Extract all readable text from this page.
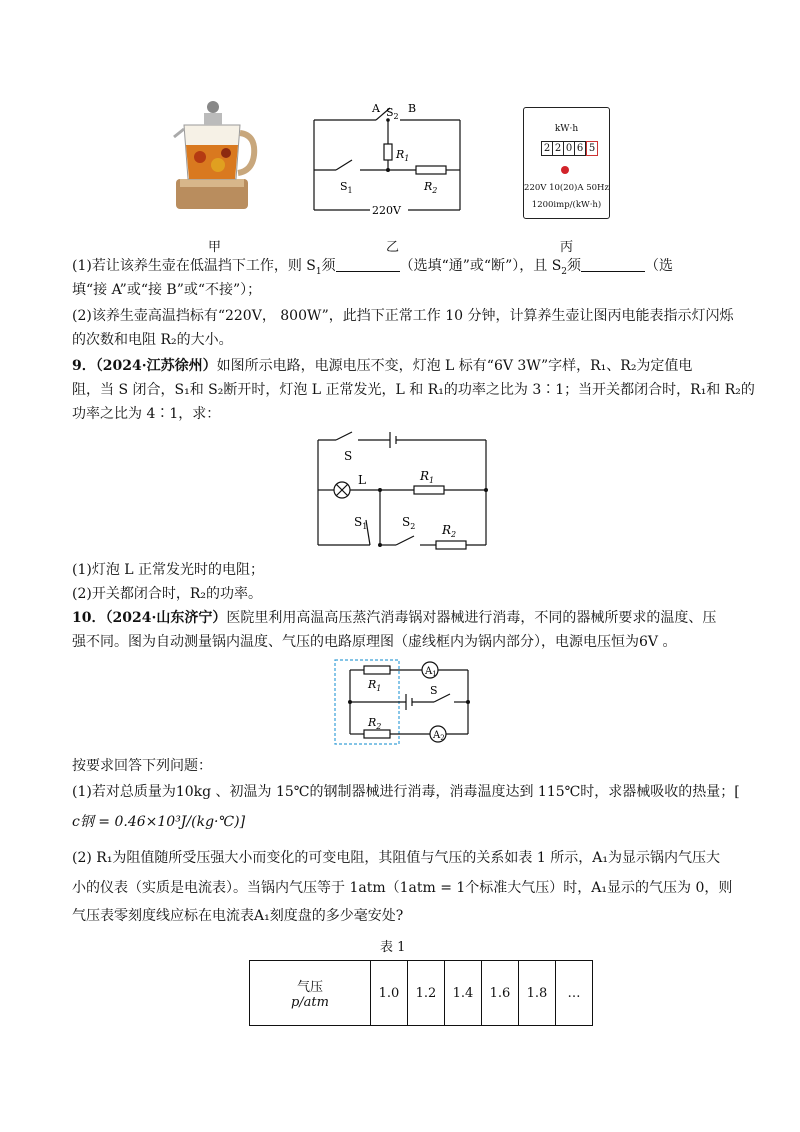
A	B
$S_2$
$R_1$
$S_1$	$R_2$
220V
kW·h
2 2 0 6 5
220V 10(20)A 50Hz
1200imp/(kW·h)
甲	乙	丙
(1)若让该养生壶在低温挡下工作，则 $S_1$须	（选填“通”或“断”），且 $S_2$须	（选
填“接 A”或“接 B”或“不接”）；
(2)该养生壶高温挡标有“220V， 800W”，此挡下正常工作 10 分钟，计算养生壶让图丙电能表指示灯闪烁
的次数和电阻 R₂的大小。
9．（2024·江苏徐州）如图所示电路，电源电压不变，灯泡 L 标有“6V 3W”字样，R₁、R₂为定值电
阻，当 S 闭合，S₁和 S₂断开时，灯泡 L 正常发光，L 和 R₁的功率之比为 3∶1；当开关都闭合时，R₁和 R₂的
功率之比为 4∶1，求：
S
L	$R_1$
$S_1$	$S_2$ $R_2$
(1)灯泡 L 正常发光时的电阻；
(2)开关都闭合时，R₂的功率。
10．（2024·山东济宁）医院里利用高温高压蒸汽消毒锅对器械进行消毒，不同的器械所要求的温度、压
强不同。图为自动测量锅内温度、气压的电路原理图（虚线框内为锅内部分），电源电压恒为6V 。
$R_1$
$A_1$
S
$R_2$
$A_2$
按要求回答下列问题：
(1)若对总质量为10kg 、初温为 15℃的钢制器械进行消毒，消毒温度达到 115℃时，求器械吸收的热量；[
c钢 = 0.46×10³J/(kg·℃)]
(2) R₁为阻值随所受压强大小而变化的可变电阻，其阻值与气压的关系如表 1 所示，A₁为显示锅内气压大
小的仪表（实质是电流表）。当锅内气压等于 1atm（1atm = 1个标准大气压）时，A₁显示的气压为 0，则
气压表零刻度线应标在电流表A₁刻度盘的多少毫安处?
表 1
气压
p/atm
	1.0	1.2	1.4	1.6	1.8	…
